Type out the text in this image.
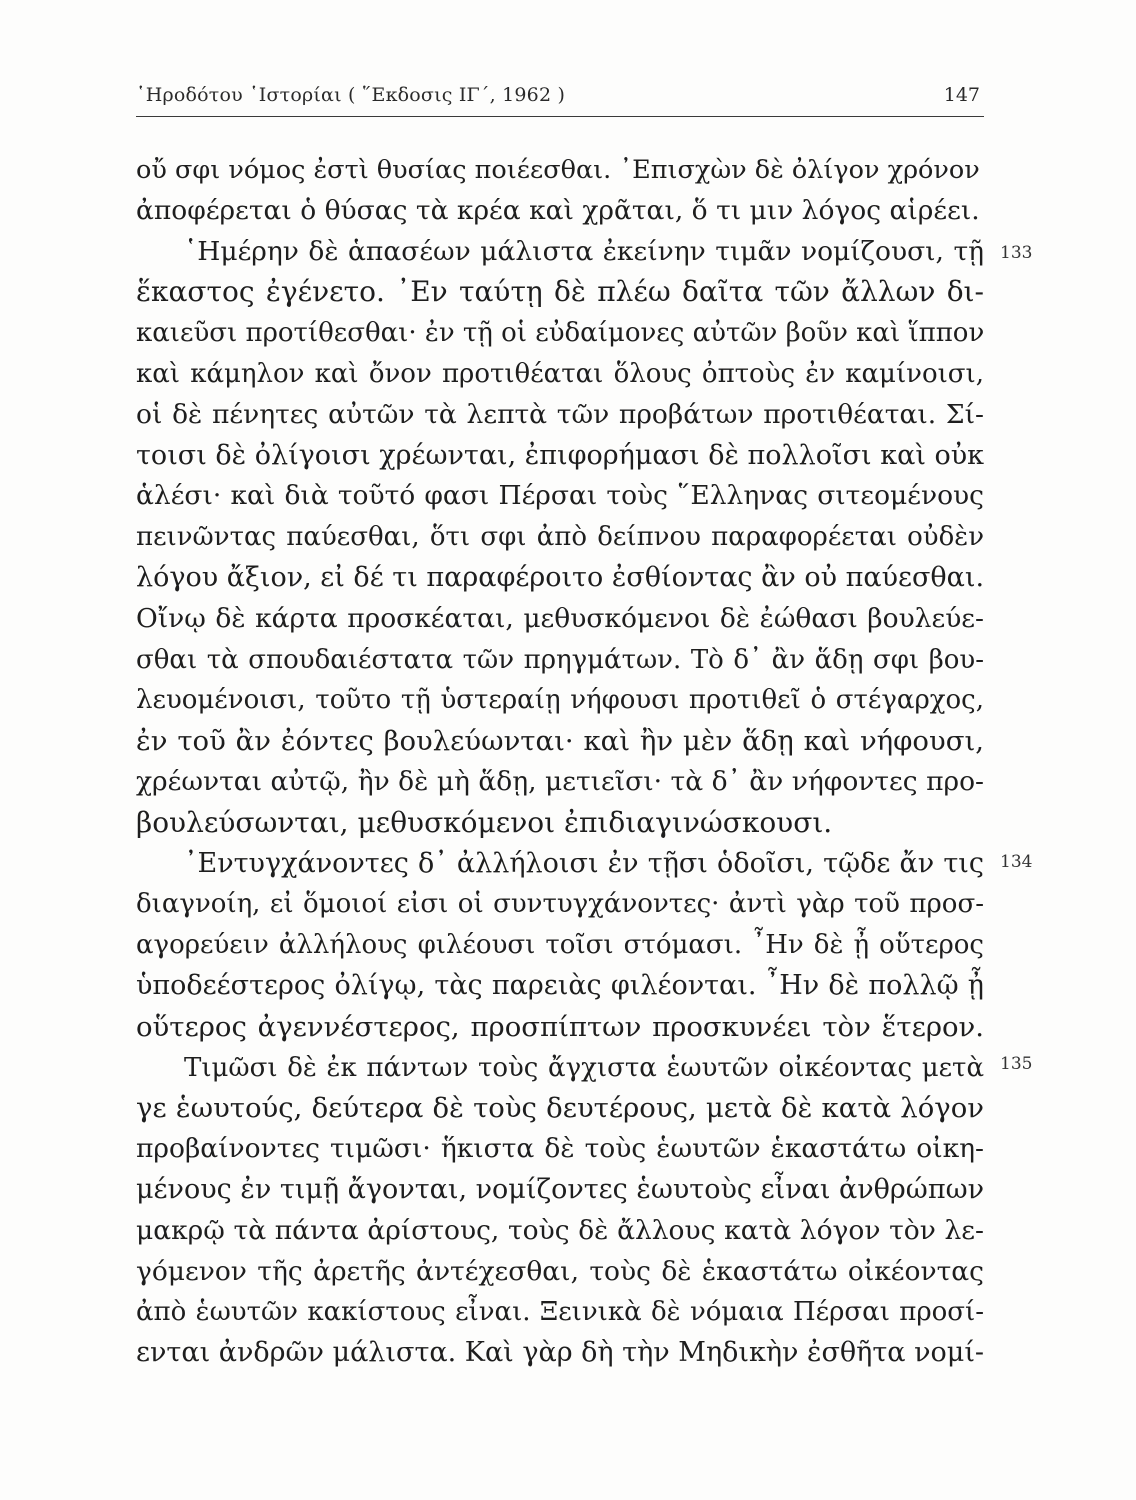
῾Ηροδότου ῾Ιστορίαι ( ῞Εκδοσις ΙΓ΄, 1962 )	147
οὔ σφι νόμος ἐστὶ θυσίας ποιέεσθαι. ᾿Επισχὼν δὲ ὀλίγον χρόνον
ἀποφέρεται ὁ θύσας τὰ κρέα καὶ χρᾶται, ὅ τι μιν λόγος αἱρέει.
῾Ημέρην δὲ ἁπασέων μάλιστα ἐκείνην τιμᾶν νομίζουσι, τῇ
ἕκαστος ἐγένετο. ᾿Εν ταύτῃ δὲ πλέω δαῖτα τῶν ἄλλων δι-
καιεῦσι προτίθεσθαι· ἐν τῇ οἱ εὐδαίμονες αὐτῶν βοῦν καὶ ἵππον
καὶ κάμηλον καὶ ὄνον προτιθέαται ὅλους ὀπτοὺς ἐν καμίνοισι,
οἱ δὲ πένητες αὐτῶν τὰ λεπτὰ τῶν προβάτων προτιθέαται. Σί-
τοισι δὲ ὀλίγοισι χρέωνται, ἐπιφορήμασι δὲ πολλοῖσι καὶ οὐκ
ἁλέσι· καὶ διὰ τοῦτό φασι Πέρσαι τοὺς ῞Ελληνας σιτεομένους
πεινῶντας παύεσθαι, ὅτι σφι ἀπὸ δείπνου παραφορέεται οὐδὲν
λόγου ἄξιον, εἰ δέ τι παραφέροιτο ἐσθίοντας ἂν οὐ παύεσθαι.
Οἴνῳ δὲ κάρτα προσκέαται, μεθυσκόμενοι δὲ ἐώθασι βουλεύε-
σθαι τὰ σπουδαιέστατα τῶν πρηγμάτων. Τὸ δ᾿ ἂν ἅδῃ σφι βου-
λευομένοισι, τοῦτο τῇ ὑστεραίῃ νήφουσι προτιθεῖ ὁ στέγαρχος,
ἐν τοῦ ἂν ἐόντες βουλεύωνται· καὶ ἢν μὲν ἅδῃ καὶ νήφουσι,
χρέωνται αὐτῷ, ἢν δὲ μὴ ἅδῃ, μετιεῖσι· τὰ δ᾿ ἂν νήφοντες προ-
βουλεύσωνται, μεθυσκόμενοι ἐπιδιαγινώσκουσι.
᾿Εντυγχάνοντες δ᾿ ἀλλήλοισι ἐν τῇσι ὁδοῖσι, τῷδε ἄν τις
διαγνοίη, εἰ ὅμοιοί εἰσι οἱ συντυγχάνοντες· ἀντὶ γὰρ τοῦ προσ-
αγορεύειν ἀλλήλους φιλέουσι τοῖσι στόμασι. ῏Ην δὲ ᾖ οὕτερος
ὑποδεέστερος ὀλίγῳ, τὰς παρειὰς φιλέονται. ῏Ην δὲ πολλῷ ᾖ
οὕτερος ἀγεννέστερος, προσπίπτων προσκυνέει τὸν ἕτερον.
Τιμῶσι δὲ ἐκ πάντων τοὺς ἄγχιστα ἑωυτῶν οἰκέοντας μετὰ
γε ἑωυτούς, δεύτερα δὲ τοὺς δευτέρους, μετὰ δὲ κατὰ λόγον
προβαίνοντες τιμῶσι· ἥκιστα δὲ τοὺς ἑωυτῶν ἑκαστάτω οἰκη-
μένους ἐν τιμῇ ἄγονται, νομίζοντες ἑωυτοὺς εἶναι ἀνθρώπων
μακρῷ τὰ πάντα ἀρίστους, τοὺς δὲ ἄλλους κατὰ λόγον τὸν λε-
γόμενον τῆς ἀρετῆς ἀντέχεσθαι, τοὺς δὲ ἑκαστάτω οἰκέοντας
ἀπὸ ἑωυτῶν κακίστους εἶναι. Ξεινικὰ δὲ νόμαια Πέρσαι προσί-
ενται ἀνδρῶν μάλιστα. Καὶ γὰρ δὴ τὴν Μηδικὴν ἐσθῆτα νομί-
133
134
135
